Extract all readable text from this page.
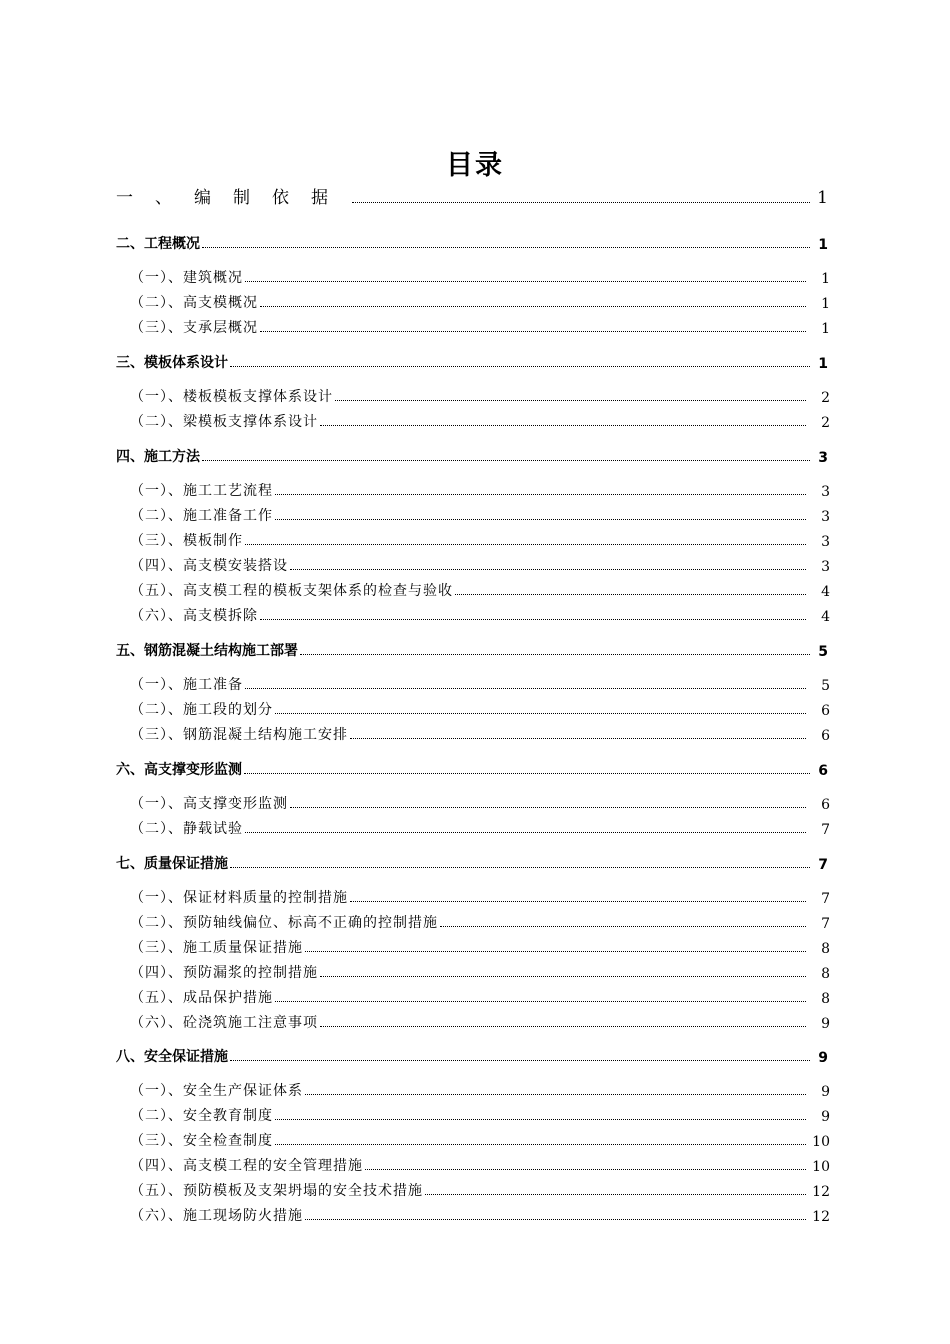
目录
一、编制依据	1
二、工程概况	1
（一）、建筑概况	1
（二）、高支模概况	1
（三）、支承层概况	1
三、模板体系设计	1
（一）、楼板模板支撑体系设计	2
（二）、梁模板支撑体系设计	2
四、施工方法	3
（一）、施工工艺流程	3
（二）、施工准备工作	3
（三）、模板制作	3
（四）、高支模安装搭设	3
（五）、高支模工程的模板支架体系的检查与验收	4
（六）、高支模拆除	4
五、钢筋混凝土结构施工部署	5
（一）、施工准备	5
（二）、施工段的划分	6
（三）、钢筋混凝土结构施工安排	6
六、高支撑变形监测	6
（一）、高支撑变形监测	6
（二）、静载试验	7
七、质量保证措施	7
（一）、保证材料质量的控制措施	7
（二）、预防轴线偏位、标高不正确的控制措施	7
（三）、施工质量保证措施	8
（四）、预防漏浆的控制措施	8
（五）、成品保护措施	8
（六）、砼浇筑施工注意事项	9
八、安全保证措施	9
（一）、安全生产保证体系	9
（二）、安全教育制度	9
（三）、安全检查制度	10
（四）、高支模工程的安全管理措施	10
（五）、预防模板及支架坍塌的安全技术措施	12
（六）、施工现场防火措施	12
